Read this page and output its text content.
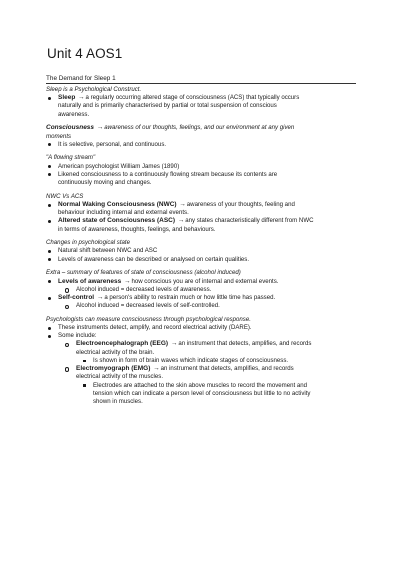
Unit 4 AOS1
The Demand for Sleep 1
Sleep is a Psychological Construct.
Sleep →a regularly occurring altered stage of consciousness (ACS) that typically occurs
naturally and is primarily characterised by partial or total suspension of conscious
awareness.
Consciousness →awareness of our thoughts, feelings, and our environment at any given
moments
It is selective, personal, and continuous.
"A flowing stream"
American psychologist William James (1890)
Likened consciousness to a continuously flowing stream because its contents are
continuously moving and changes.
NWC Vs ACS
Normal Waking Consciousness (NWC) →awareness of your thoughts, feeling and
behaviour including internal and external events.
Altered state of Consciousness (ASC) →any states characteristically different from NWC
in terms of awareness, thoughts, feelings, and behaviours.
Changes in psychological state
Natural shift between NWC and ASC
Levels of awareness can be described or analysed on certain qualities.
Extra – summary of features of state of consciousness (alcohol induced)
Levels of awareness →how conscious you are of internal and external events.
Alcohol induced = decreased levels of awareness.
Self-control →a person's ability to restrain much or how little time has passed.
Alcohol induced = decreased levels of self-controlled.
Psychologists can measure consciousness through psychological response.
These instruments detect, amplify, and record electrical activity (DARE).
Some include:
Electroencephalograph (EEG) →an instrument that detects, amplifies, and records
electrical activity of the brain.
Is shown in form of brain waves which indicate stages of consciousness.
Electromyograph (EMG) →an instrument that detects, amplifies, and records
electrical activity of the muscles.
Electrodes are attached to the skin above muscles to record the movement and
tension which can indicate a person level of consciousness but little to no activity
shown in muscles.
